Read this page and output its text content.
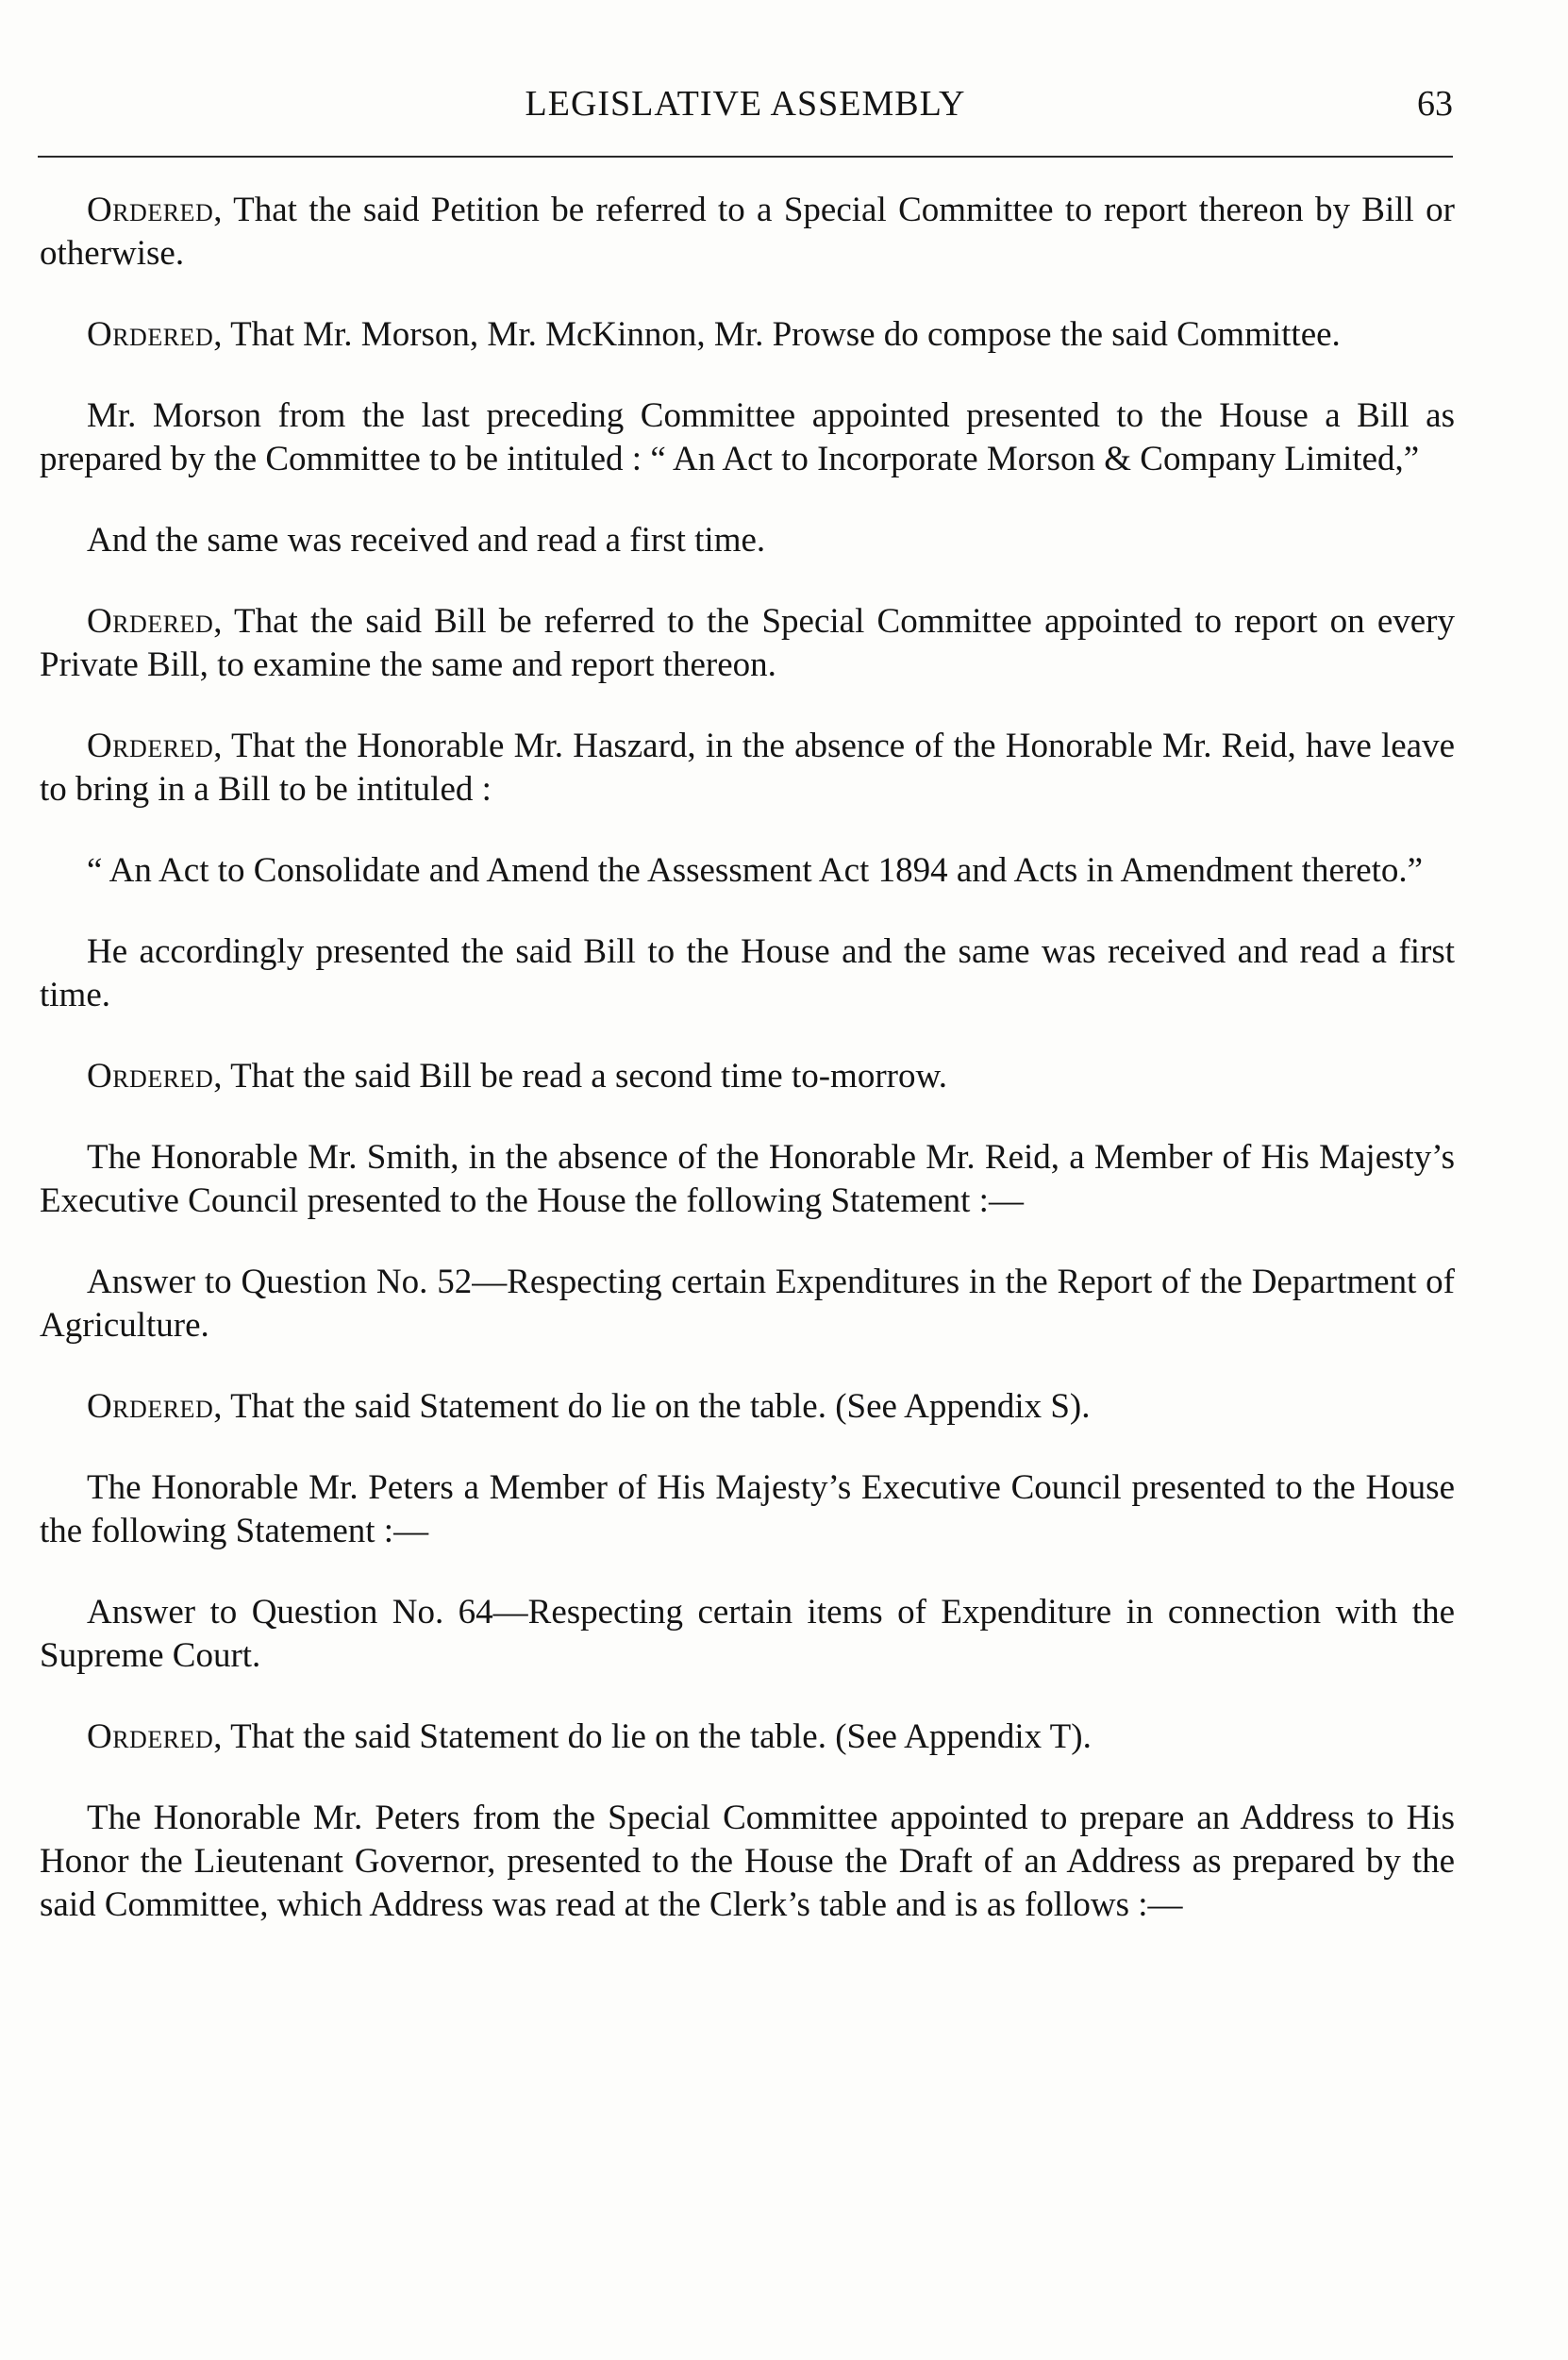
LEGISLATIVE ASSEMBLY	63

Ordered, That the said Petition be referred to a Special Committee to report thereon by Bill or otherwise.

Ordered, That Mr. Morson, Mr. McKinnon, Mr. Prowse do compose the said Committee.

Mr. Morson from the last preceding Committee appointed presented to the House a Bill as prepared by the Committee to be intituled : “ An Act to Incorporate Morson & Company Limited,”

And the same was received and read a first time.

Ordered, That the said Bill be referred to the Special Committee appointed to report on every Private Bill, to examine the same and report thereon.

Ordered, That the Honorable Mr. Haszard, in the absence of the Honorable Mr. Reid, have leave to bring in a Bill to be intituled :

“ An Act to Consolidate and Amend the Assessment Act 1894 and Acts in Amendment thereto.”

He accordingly presented the said Bill to the House and the same was received and read a first time.

Ordered, That the said Bill be read a second time to-morrow.

The Honorable Mr. Smith, in the absence of the Honorable Mr. Reid, a Member of His Majesty’s Executive Council presented to the House the following Statement :—

Answer to Question No. 52—Respecting certain Expenditures in the Report of the Department of Agriculture.

Ordered, That the said Statement do lie on the table. (See Appendix S).

The Honorable Mr. Peters a Member of His Majesty’s Executive Council presented to the House the following Statement :—

Answer to Question No. 64—Respecting certain items of Expenditure in connection with the Supreme Court.

Ordered, That the said Statement do lie on the table. (See Appendix T).

The Honorable Mr. Peters from the Special Committee appointed to prepare an Address to His Honor the Lieutenant Governor, presented to the House the Draft of an Address as prepared by the said Committee, which Address was read at the Clerk’s table and is as follows :—
